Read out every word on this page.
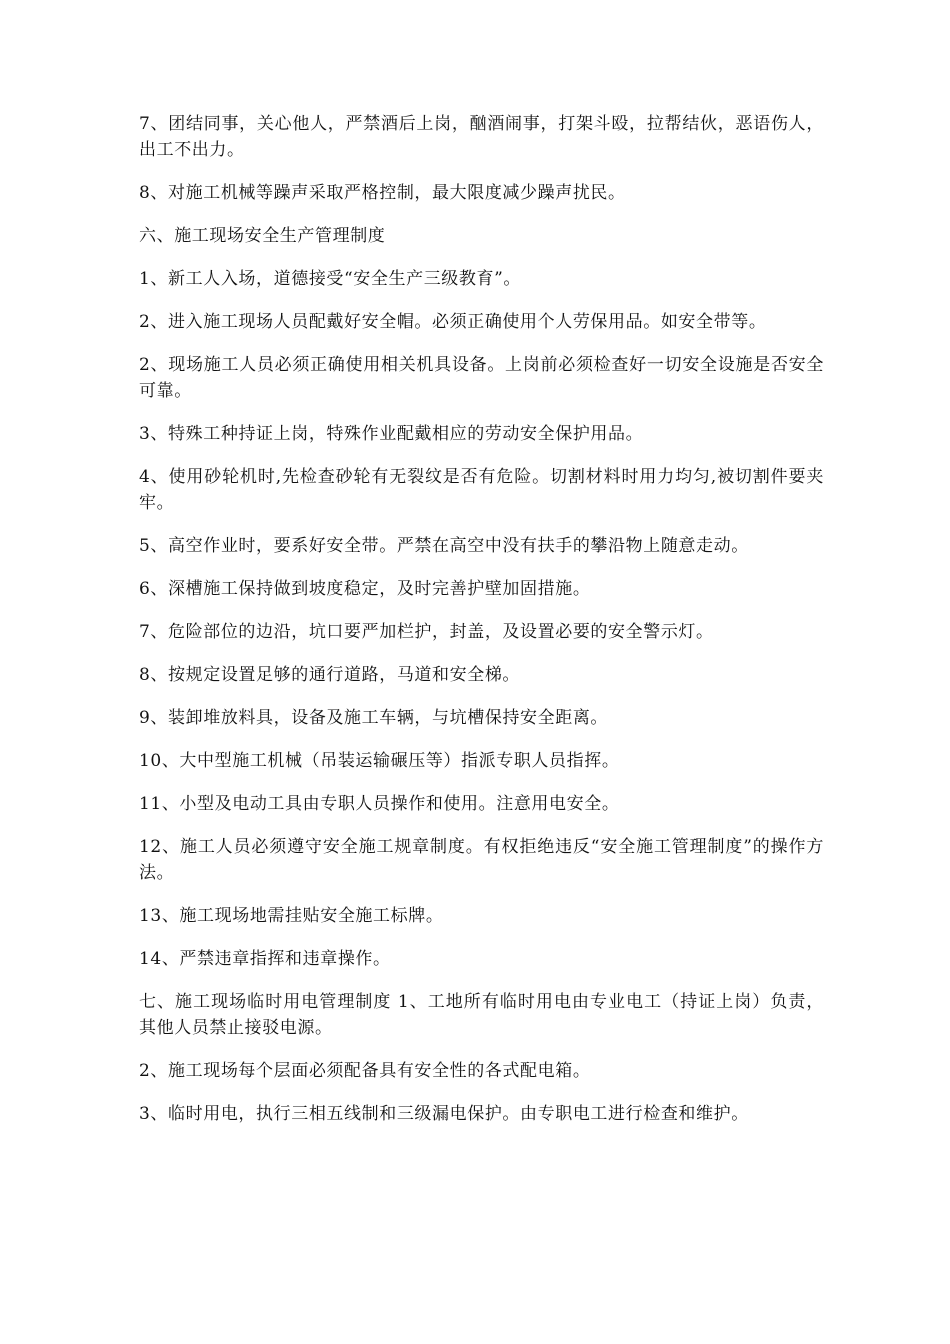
7、团结同事，关心他人，严禁酒后上岗，酗酒闹事，打架斗殴，拉帮结伙，恶语伤人，出工不出力。

8、对施工机械等躁声采取严格控制，最大限度减少躁声扰民。

六、施工现场安全生产管理制度

1、新工人入场，道德接受“安全生产三级教育”。

2、进入施工现场人员配戴好安全帽。必须正确使用个人劳保用品。如安全带等。

2、现场施工人员必须正确使用相关机具设备。上岗前必须检查好一切安全设施是否安全可靠。

3、特殊工种持证上岗，特殊作业配戴相应的劳动安全保护用品。

4、使用砂轮机时,先检查砂轮有无裂纹是否有危险。切割材料时用力均匀,被切割件要夹牢。

5、高空作业时，要系好安全带。严禁在高空中没有扶手的攀沿物上随意走动。

6、深槽施工保持做到坡度稳定，及时完善护壁加固措施。

7、危险部位的边沿，坑口要严加栏护，封盖，及设置必要的安全警示灯。

8、按规定设置足够的通行道路，马道和安全梯。

9、装卸堆放料具，设备及施工车辆，与坑槽保持安全距离。

10、大中型施工机械（吊装运输碾压等）指派专职人员指挥。

11、小型及电动工具由专职人员操作和使用。注意用电安全。

12、施工人员必须遵守安全施工规章制度。有权拒绝违反“安全施工管理制度”的操作方法。

13、施工现场地需挂贴安全施工标牌。

14、严禁违章指挥和违章操作。

七、施工现场临时用电管理制度 1、工地所有临时用电由专业电工（持证上岗）负责，其他人员禁止接驳电源。

2、施工现场每个层面必须配备具有安全性的各式配电箱。

3、临时用电，执行三相五线制和三级漏电保护。由专职电工进行检查和维护。
